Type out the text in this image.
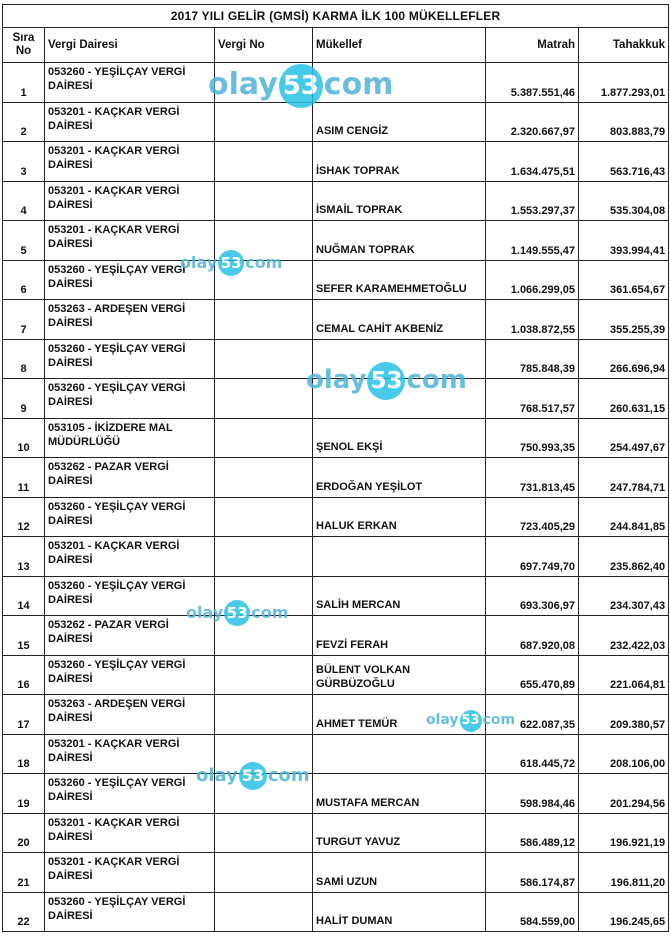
2017 YILI GELİR (GMSİ) KARMA İLK 100 MÜKELLEFLER					
Sıra
No	Vergi Dairesi	Vergi No	Mükellef	Matrah	Tahakkuk
1	053260 - YEŞİLÇAY VERGİ DAİRESİ			5.387.551,46	1.877.293,01
2	053201 - KAÇKAR VERGİ DAİRESİ		ASIM CENGİZ	2.320.667,97	803.883,79
3	053201 - KAÇKAR VERGİ DAİRESİ		İSHAK TOPRAK	1.634.475,51	563.716,43
4	053201 - KAÇKAR VERGİ DAİRESİ		İSMAİL TOPRAK	1.553.297,37	535.304,08
5	053201 - KAÇKAR VERGİ DAİRESİ		NUĞMAN TOPRAK	1.149.555,47	393.994,41
6	053260 - YEŞİLÇAY VERGİ DAİRESİ		SEFER KARAMEHMETOĞLU	1.066.299,05	361.654,67
7	053263 - ARDEŞEN VERGİ DAİRESİ		CEMAL CAHİT AKBENİZ	1.038.872,55	355.255,39
8	053260 - YEŞİLÇAY VERGİ DAİRESİ			785.848,39	266.696,94
9	053260 - YEŞİLÇAY VERGİ DAİRESİ			768.517,57	260.631,15
10	053105 - İKİZDERE MAL MÜDÜRLÜĞÜ		ŞENOL EKŞİ	750.993,35	254.497,67
11	053262 - PAZAR VERGİ DAİRESİ		ERDOĞAN YEŞİLOT	731.813,45	247.784,71
12	053260 - YEŞİLÇAY VERGİ DAİRESİ		HALUK ERKAN	723.405,29	244.841,85
13	053201 - KAÇKAR VERGİ DAİRESİ			697.749,70	235.862,40
14	053260 - YEŞİLÇAY VERGİ DAİRESİ		SALİH MERCAN	693.306,97	234.307,43
15	053262 - PAZAR VERGİ DAİRESİ		FEVZİ FERAH	687.920,08	232.422,03
16	053260 - YEŞİLÇAY VERGİ DAİRESİ		BÜLENT VOLKAN GÜRBÜZOĞLU	655.470,89	221.064,81
17	053263 - ARDEŞEN VERGİ DAİRESİ		AHMET TEMÜR	622.087,35	209.380,57
18	053201 - KAÇKAR VERGİ DAİRESİ			618.445,72	208.106,00
19	053260 - YEŞİLÇAY VERGİ DAİRESİ		MUSTAFA MERCAN	598.984,46	201.294,56
20	053201 - KAÇKAR VERGİ DAİRESİ		TURGUT YAVUZ	586.489,12	196.921,19
21	053201 - KAÇKAR VERGİ DAİRESİ		SAMİ UZUN	586.174,87	196.811,20
22	053260 - YEŞİLÇAY VERGİ DAİRESİ		HALİT DUMAN	584.559,00	196.245,65
olay 53 com
olay 53 com
olay 53 com
olay 53 com
olay 53 com
olay 53 com
